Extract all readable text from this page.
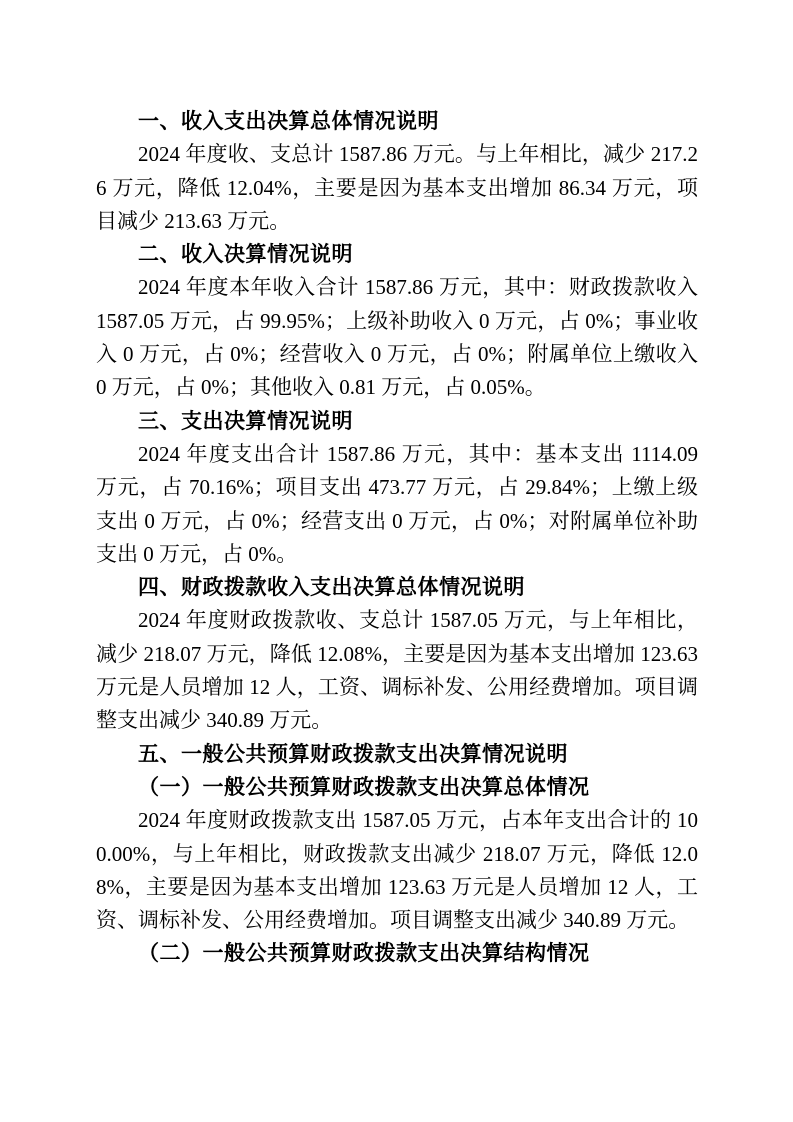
一、收入支出决算总体情况说明

2024 年度收、支总计 1587.86 万元。与上年相比，减少 217.26 万元，降低 12.04%，主要是因为基本支出增加 86.34 万元，项目减少 213.63 万元。

二、收入决算情况说明

2024 年度本年收入合计 1587.86 万元，其中：财政拨款收入 1587.05 万元，占 99.95%；上级补助收入 0 万元，占 0%；事业收入 0 万元，占 0%；经营收入 0 万元，占 0%；附属单位上缴收入 0 万元，占 0%；其他收入 0.81 万元，占 0.05%。

三、支出决算情况说明

2024 年度支出合计 1587.86 万元，其中：基本支出 1114.09 万元，占 70.16%；项目支出 473.77 万元，占 29.84%；上缴上级支出 0 万元，占 0%；经营支出 0 万元，占 0%；对附属单位补助支出 0 万元，占 0%。

四、财政拨款收入支出决算总体情况说明

2024 年度财政拨款收、支总计 1587.05 万元，与上年相比，减少 218.07 万元，降低 12.08%，主要是因为基本支出增加 123.63 万元是人员增加 12 人，工资、调标补发、公用经费增加。项目调整支出减少 340.89 万元。

五、一般公共预算财政拨款支出决算情况说明

（一）一般公共预算财政拨款支出决算总体情况

2024 年度财政拨款支出 1587.05 万元，占本年支出合计的 100.00%，与上年相比，财政拨款支出减少 218.07 万元，降低 12.08%，主要是因为基本支出增加 123.63 万元是人员增加 12 人，工资、调标补发、公用经费增加。项目调整支出减少 340.89 万元。

（二）一般公共预算财政拨款支出决算结构情况
